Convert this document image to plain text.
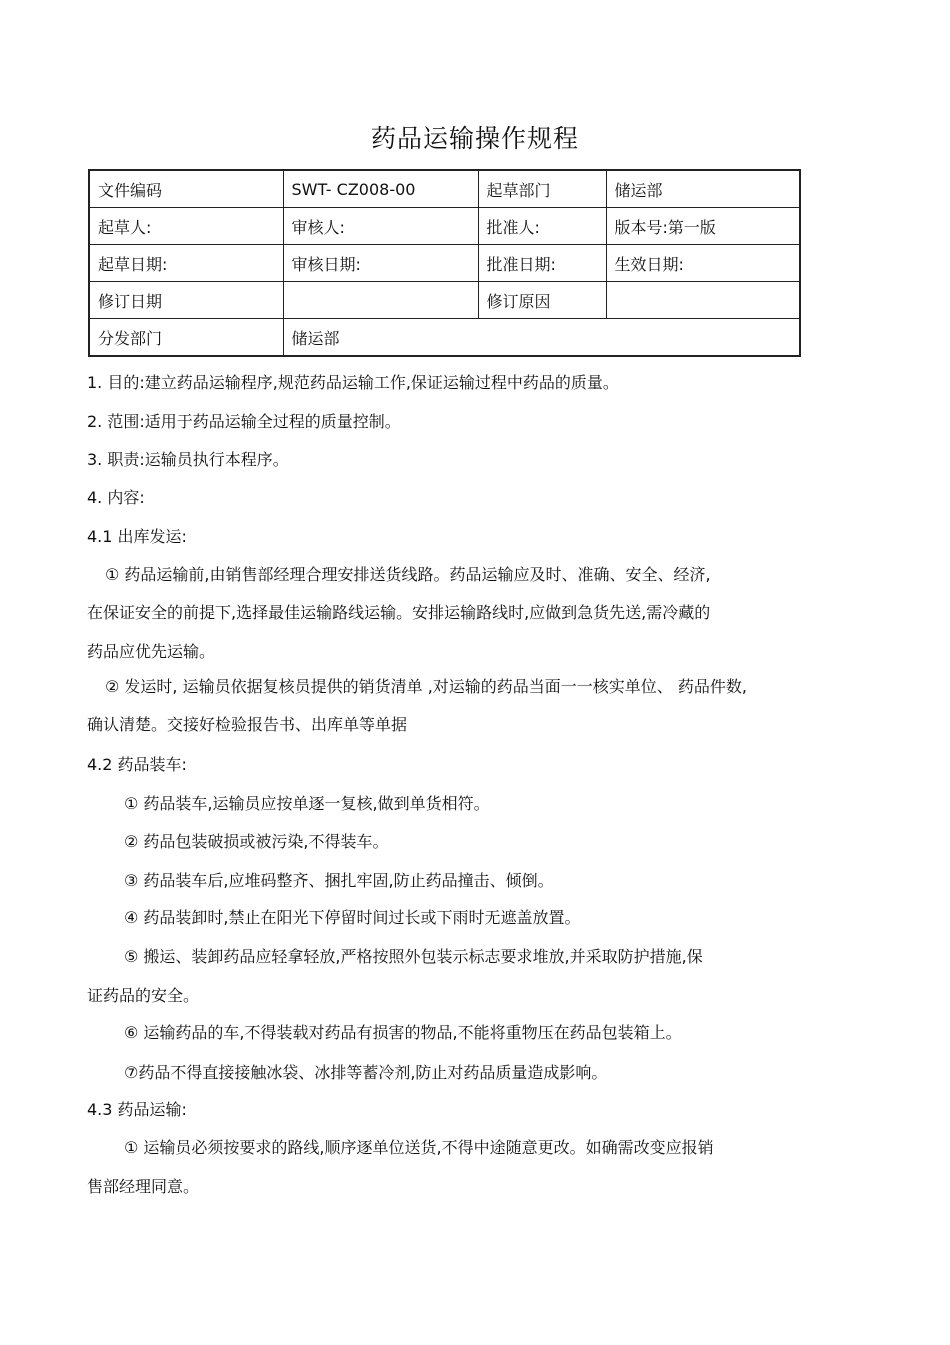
药品运输操作规程
文件编码	SWT- CZ008-00	起草部门	储运部
起草人:	审核人:	批准人:	版本号:第一版
起草日期:	审核日期:	批准日期:	生效日期:
修订日期		修订原因	
分发部门	储运部		
1. 目的:建立药品运输程序,规范药品运输工作,保证运输过程中药品的质量。
2. 范围:适用于药品运输全过程的质量控制。
3. 职责:运输员执行本程序。
4. 内容:
4.1 出库发运:
① 药品运输前,由销售部经理合理安排送货线路。药品运输应及时、准确、安全、经济,
在保证安全的前提下,选择最佳运输路线运输。安排运输路线时,应做到急货先送,需冷藏的
药品应优先运输。
② 发运时, 运输员依据复核员提供的销货清单 ,对运输的药品当面一一核实单位、 药品件数,
确认清楚。交接好检验报告书、出库单等单据
4.2 药品装车:
① 药品装车,运输员应按单逐一复核,做到单货相符。
② 药品包装破损或被污染,不得装车。
③ 药品装车后,应堆码整齐、捆扎牢固,防止药品撞击、倾倒。
④ 药品装卸时,禁止在阳光下停留时间过长或下雨时无遮盖放置。
⑤ 搬运、装卸药品应轻拿轻放,严格按照外包装示标志要求堆放,并采取防护措施,保
证药品的安全。
⑥ 运输药品的车,不得装载对药品有损害的物品,不能将重物压在药品包装箱上。
⑦药品不得直接接触冰袋、冰排等蓄冷剂,防止对药品质量造成影响。
4.3 药品运输:
① 运输员必须按要求的路线,顺序逐单位送货,不得中途随意更改。如确需改变应报销
售部经理同意。
